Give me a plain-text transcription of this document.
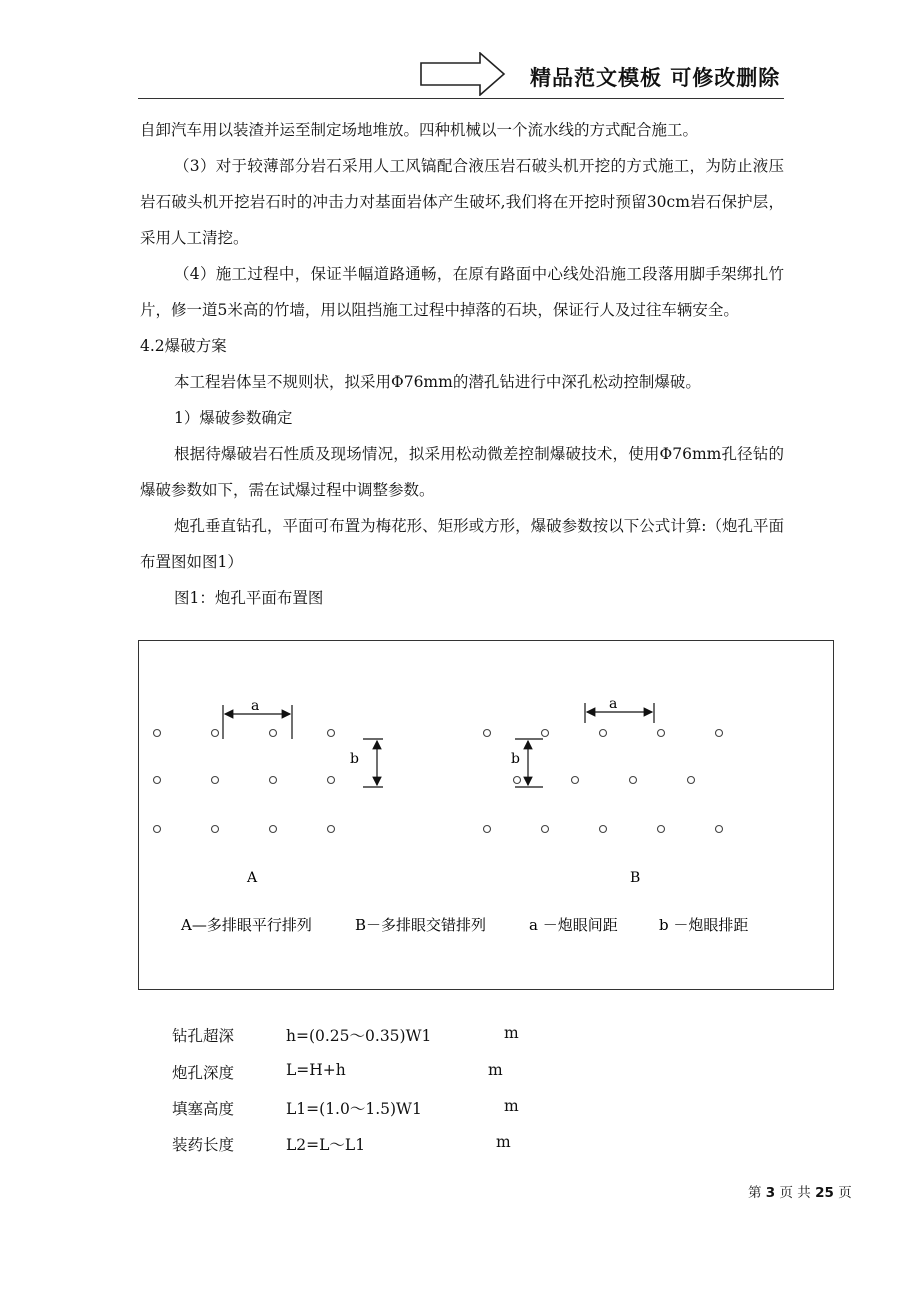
精品范文模板 可修改删除

自卸汽车用以装渣并运至制定场地堆放。四种机械以一个流水线的方式配合施工。

（3）对于较薄部分岩石采用人工风镐配合液压岩石破头机开挖的方式施工，为防止液压岩石破头机开挖岩石时的冲击力对基面岩体产生破坏,我们将在开挖时预留30cm岩石保护层，采用人工清挖。

（4）施工过程中，保证半幅道路通畅，在原有路面中心线处沿施工段落用脚手架绑扎竹片，修一道5米高的竹墙，用以阻挡施工过程中掉落的石块，保证行人及过往车辆安全。

4.2爆破方案

本工程岩体呈不规则状，拟采用Φ76mm的潜孔钻进行中深孔松动控制爆破。

1）爆破参数确定

根据待爆破岩石性质及现场情况，拟采用松动微差控制爆破技术，使用Φ76mm孔径钻的爆破参数如下，需在试爆过程中调整参数。

炮孔垂直钻孔，平面可布置为梅花形、矩形或方形，爆破参数按以下公式计算:（炮孔平面布置图如图1）

图1：炮孔平面布置图

a
b
a
b
A	B
A—多排眼平行排列	B－多排眼交错排列	a －炮眼间距	b －炮眼排距
钻孔超深	h=(0.25～0.35)W1	m
炮孔深度	L=H+h	m
填塞高度	L1=(1.0～1.5)W1	m
装药长度	L2=L～L1	m
第 3 页 共 25 页
